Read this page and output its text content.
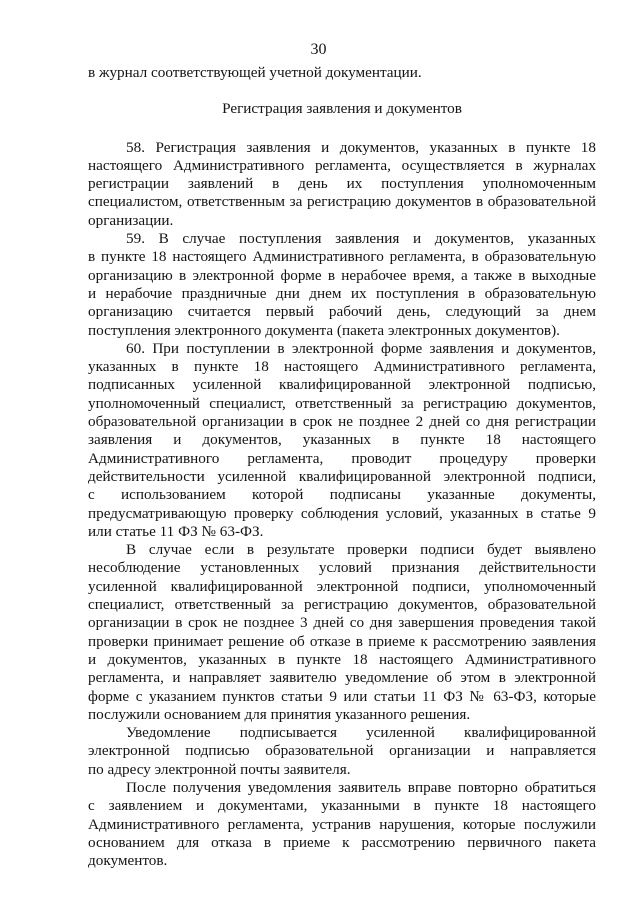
30
в журнал соответствующей учетной документации.
Регистрация заявления и документов
58. Регистрация заявления и документов, указанных в пункте 18
настоящего Административного регламента, осуществляется в журналах
регистрации заявлений в день их поступления уполномоченным
специалистом, ответственным за регистрацию документов в образовательной
организации.
59. В случае поступления заявления и документов, указанных
в пункте 18 настоящего Административного регламента, в образовательную
организацию в электронной форме в нерабочее время, а также в выходные
и нерабочие праздничные дни днем их поступления в образовательную
организацию считается первый рабочий день, следующий за днем
поступления электронного документа (пакета электронных документов).
60. При поступлении в электронной форме заявления и документов,
указанных в пункте 18 настоящего Административного регламента,
подписанных усиленной квалифицированной электронной подписью,
уполномоченный специалист, ответственный за регистрацию документов,
образовательной организации в срок не позднее 2 дней со дня регистрации
заявления и документов, указанных в пункте 18 настоящего
Административного регламента, проводит процедуру проверки
действительности усиленной квалифицированной электронной подписи,
с использованием которой подписаны указанные документы,
предусматривающую проверку соблюдения условий, указанных в статье 9
или статье 11 ФЗ № 63-ФЗ.
В случае если в результате проверки подписи будет выявлено
несоблюдение установленных условий признания действительности
усиленной квалифицированной электронной подписи, уполномоченный
специалист, ответственный за регистрацию документов, образовательной
организации в срок не позднее 3 дней со дня завершения проведения такой
проверки принимает решение об отказе в приеме к рассмотрению заявления
и документов, указанных в пункте 18 настоящего Административного
регламента, и направляет заявителю уведомление об этом в электронной
форме с указанием пунктов статьи 9 или статьи 11 ФЗ № 63-ФЗ, которые
послужили основанием для принятия указанного решения.
Уведомление подписывается усиленной квалифицированной
электронной подписью образовательной организации и направляется
по адресу электронной почты заявителя.
После получения уведомления заявитель вправе повторно обратиться
с заявлением и документами, указанными в пункте 18 настоящего
Административного регламента, устранив нарушения, которые послужили
основанием для отказа в приеме к рассмотрению первичного пакета
документов.
